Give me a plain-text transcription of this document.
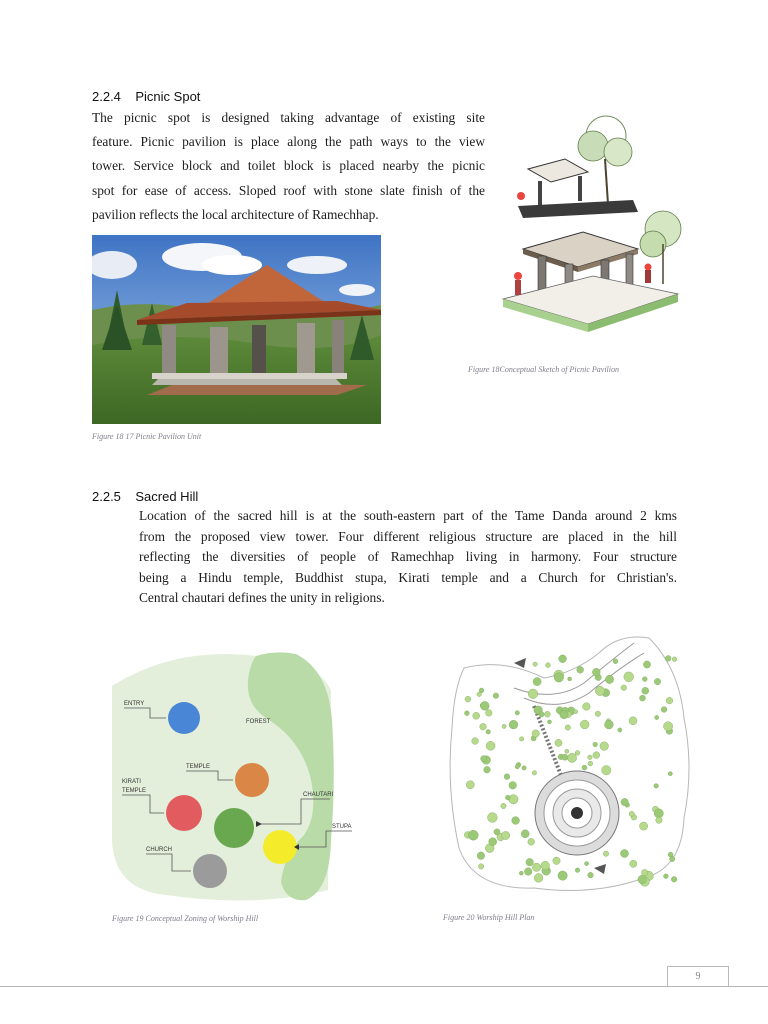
2.2.4 Picnic Spot
The picnic spot is designed taking advantage of existing site
feature. Picnic pavilion is place along the path ways to the view
tower. Service block and toilet block is placed nearby the picnic
spot for ease of access. Sloped roof with stone slate finish of the
pavilion reflects the local architecture of Ramechhap.
Figure 18 17 Picnic Pavilion Unit
Figure 18Conceptual Sketch of Picnic Pavilion
2.2.5 Sacred Hill
Location of the sacred hill is at the south-eastern part of the Tame Danda around 2 kms
from the proposed view tower. Four different religious structure are placed in the hill
reflecting the diversities of people of Ramechhap living in harmony. Four structure
being a Hindu temple, Buddhist stupa, Kirati temple and a Church for Christian's.
Central chautari defines the unity in religions.
FOREST
ENTRY
TEMPLE
KIRATI
TEMPLE
CHAUTARI
STUPA
CHURCH
Figure 19 Conceptual Zoning of Worship Hill	Figure 20 Worship Hill Plan
9
